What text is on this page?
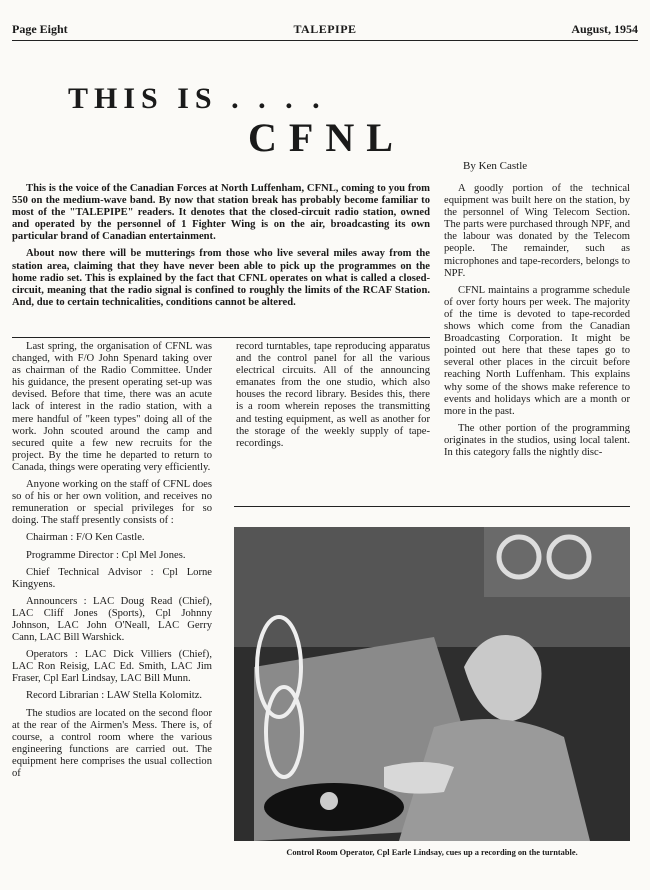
Page Eight	TALEPIPE	August, 1954
THIS IS . . . .
CFNL
By Ken Castle

This is the voice of the Canadian Forces at North Luffenham, CFNL, coming to you from 550 on the medium-wave band. By now that station break has probably become familiar to most of the "TALEPIPE" readers. It denotes that the closed-circuit radio station, owned and operated by the personnel of 1 Fighter Wing is on the air, broadcasting its own particular brand of Canadian entertainment.

About now there will be mutterings from those who live several miles away from the station area, claiming that they have never been able to pick up the programmes on the home radio set. This is explained by the fact that CFNL operates on what is called a closed-circuit, meaning that the radio signal is confined to roughly the limits of the RCAF Station. And, due to certain technicalities, conditions cannot be altered.

A goodly portion of the technical equipment was built here on the station, by the personnel of Wing Telecom Section. The parts were purchased through NPF, and the labour was donated by the Telecom people. The remainder, such as microphones and tape-recorders, belongs to NPF.

CFNL maintains a programme schedule of over forty hours per week. The majority of the time is devoted to tape-recorded shows which come from the Canadian Broadcasting Corporation. It might be pointed out here that these tapes go to several other places in the circuit before reaching North Luffenham. This explains why some of the shows make reference to events and holidays which are a month or more in the past.

The other portion of the programming originates in the studios, using local talent. In this category falls the nightly disc-

Last spring, the organisation of CFNL was changed, with F/O John Spenard taking over as chairman of the Radio Committee. Under his guidance, the present operating set-up was devised. Before that time, there was an acute lack of interest in the radio station, with a mere handful of "keen types" doing all of the work. John scouted around the camp and secured quite a few new recruits for the project. By the time he departed to return to Canada, things were operating very efficiently.

Anyone working on the staff of CFNL does so of his or her own volition, and receives no remuneration or special privileges for so doing. The staff presently consists of :

Chairman : F/O Ken Castle.

Programme Director : Cpl Mel Jones.

Chief Technical Advisor : Cpl Lorne Kingyens.

Announcers : LAC Doug Read (Chief), LAC Cliff Jones (Sports), Cpl Johnny Johnson, LAC John O'Neall, LAC Gerry Cann, LAC Bill Warshick.

Operators : LAC Dick Villiers (Chief), LAC Ron Reisig, LAC Ed. Smith, LAC Jim Fraser, Cpl Earl Lindsay, LAC Bill Munn.

Record Librarian : LAW Stella Kolomitz.

The studios are located on the second floor at the rear of the Airmen's Mess. There is, of course, a control room where the various engineering functions are carried out. The equipment here comprises the usual collection of

record turntables, tape reproducing apparatus and the control panel for all the various electrical circuits. All of the announcing emanates from the one studio, which also houses the record library. Besides this, there is a room wherein reposes the transmitting and testing equipment, as well as another for the storage of the weekly supply of tape-recordings.

Control Room Operator, Cpl Earle Lindsay, cues up a recording on the turntable.
